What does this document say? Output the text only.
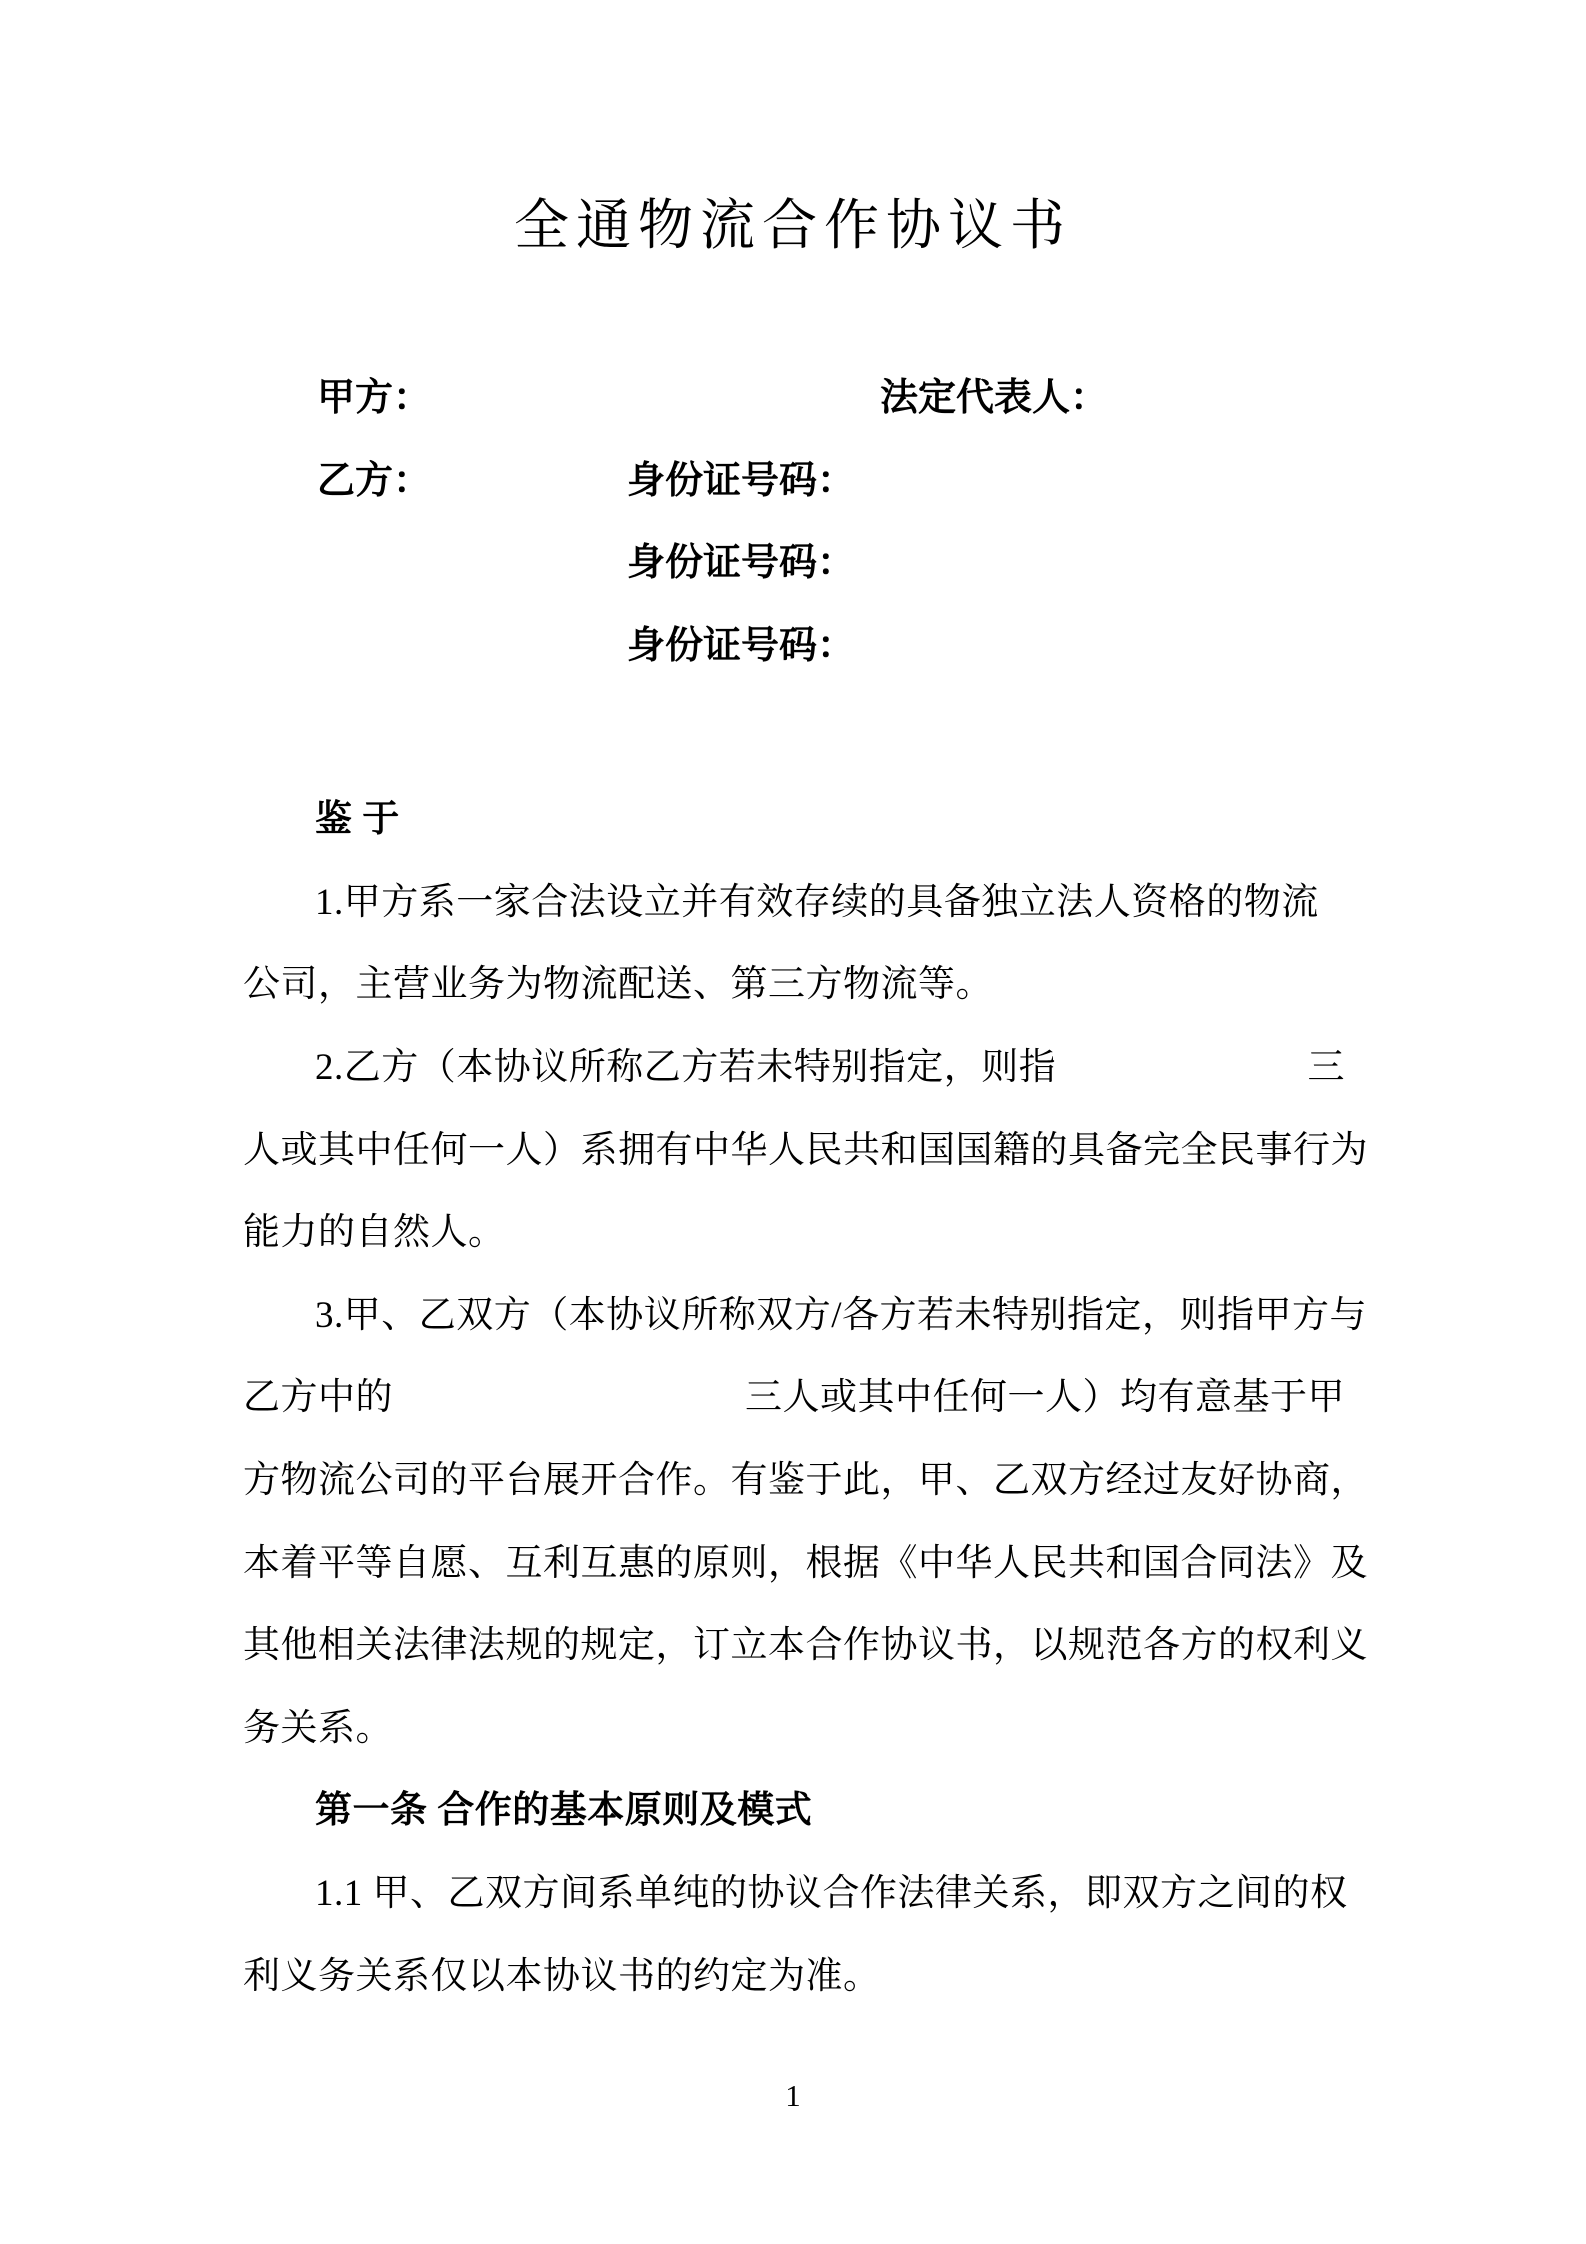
全通物流合作协议书
甲方：	法定代表人：
乙方：	身份证号码：
身份证号码：
身份证号码：
鉴 于
1.甲方系一家合法设立并有效存续的具备独立法人资格的物流
公司，主营业务为物流配送、第三方物流等。
2.乙方（本协议所称乙方若未特别指定，则指	三
人或其中任何一人）系拥有中华人民共和国国籍的具备完全民事行为
能力的自然人。
3.甲、乙双方（本协议所称双方/各方若未特别指定，则指甲方与
乙方中的	三人或其中任何一人）均有意基于甲
方物流公司的平台展开合作。有鉴于此，甲、乙双方经过友好协商，
本着平等自愿、互利互惠的原则，根据《中华人民共和国合同法》及
其他相关法律法规的规定，订立本合作协议书，以规范各方的权利义
务关系。
第一条 合作的基本原则及模式
1.1 甲、乙双方间系单纯的协议合作法律关系，即双方之间的权
利义务关系仅以本协议书的约定为准。
1
